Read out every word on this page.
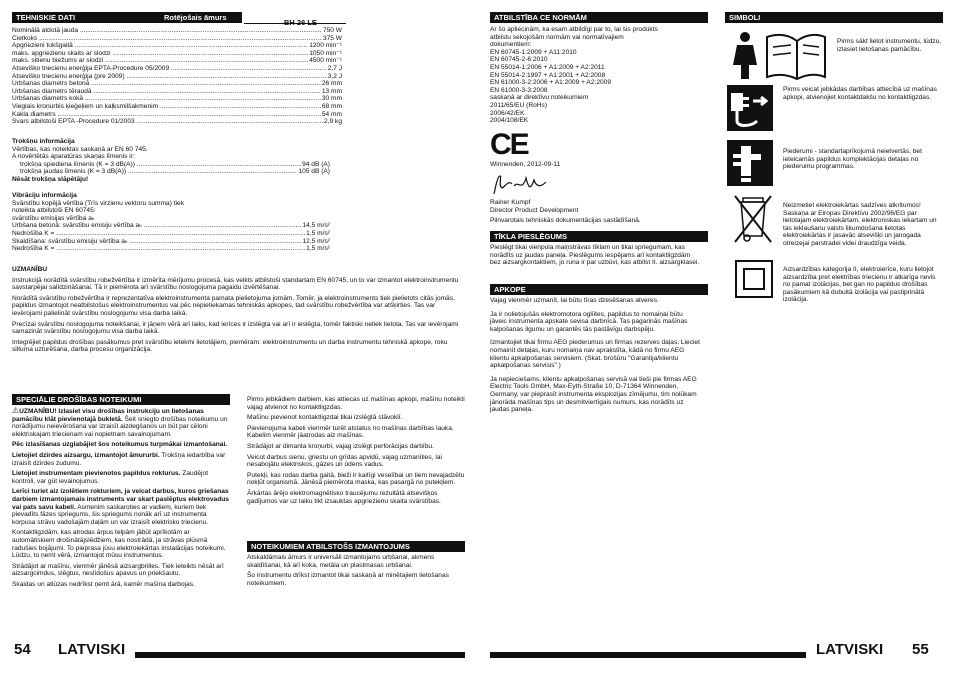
TEHNISKIE DATI	Rotējošais āmurs
BH 26 LE
Nominālā atdotā jauda .....	750 W
Cietkoks .....	375 W
Apgriezieni tukšgaitā .....	1200 min⁻¹
maks. apgriezienu skaits ar slodzi .....	1050 min⁻¹
maks. sitienu biežums ar slodzi .....	4500 min⁻¹
Atsevišķo triecienu enerģija EPTA-Procedure 05/2009 .....	2,7 J
Atsevišķo triecienu enerģija (pre 2009) .....	3,2 J
Urbšanas diametrs betonā .....	26 mm
Urbšanas diametrs tēraudā .....	13 mm
Urbšanas diametrs kokā .....	30 mm
Vieglais kroņurbis ķieģeļiem un kaļķsmilšakmenim .....	68 mm
Kakla diametrs .....	54 mm
Svars atbilstoši EPTA -Procedure 01/2003 .....	2,9 kg
Trokšņu informācija
Vērtības, kas noteiktas saskaņā ar EN 60 745.
A novērtētās aparatūras skaņas līmenis ir:
trokšņa spiediena līmenis (K = 3 dB(A)) .....	94 dB (A)
trokšņa jaudas līmenis (K = 3 dB(A)) .....	105 dB (A)
Nēsāt trokšņa slāpētāju!
Vibrāciju informācija
Svārstību kopējā vērtība (Trīs virzienu vektoru summa) tiek
noteikta atbilstoši EN 60745:
svārstību emisijas vērtība aₕ
Urbšana betonā: svārstību emisiju vērtība aₕ .....	14,5 m/s²
Nedrošība K = .....	1,5 m/s²
Skaldīšana: svārstību emisiju vērtība aₕ .....	12,5 m/s²
Nedrošība K = .....	1,5 m/s²
UZMANĪBU

Instrukcijā norādītā svārstību robežvērtība ir izmērīta mērījumu procesā, kas veikts atbilstoši standartam EN 60745, un to var izmantot elektroinstrumentu savstarpējai salīdzināšanai. Tā ir piemērota arī svārstību noslogojuma pagaidu izvērtēšanai.

Norādītā svārstību robežvērtība ir reprezentatīva elektroinstrumenta pamata pielietojuma jomām. Tomēr, ja elektroinstruments tiek pielietots citās jomās, papildus izmantojot neatbilstošus elektroinstrumentus vai pēc nepietiekamas tehniskās apkopes, tad svārstību robežvērtība var atšķirties. Tas var ievērojami palielināt svārstību noslogojumu visa darba laikā.

Precīzai svārstību noslogojuma noteikšanai, ir jāņem vērā arī laiks, kad ierīces ir izslēgta vai arī ir ieslēgta, tomēr faktiski netiek lietota. Tas var ievērojami samazināt svārstību noslogojumu visa darba laikā.

Integrējiet papildus drošības pasākumus pret svārstību ietekmi lietotājiem, piemēram: elektroinstrumentu un darba instrumentu tehniskā apkope, roku siltuma uzturēšana, darba procesu organizācija.

SPECIĀLIE DROŠĪBAS NOTEIKUMI

⚠UZMANĪBU! Izlasiet visu drošības instrukciju un lietošanas pamācību klāt pievienotajā bukletā. Šeit sniegto drošības noteikumu un norādījumu neievērošana var izraisīt aizdegšanos un būt par cēloni elektriskajam triecienam vai nopietnam savainojumam.

Pēc izlasīšanas uzglabājiet šos noteikumus turpmākai izmantošanai.

Lietojiet dzirdes aizsargu, izmantojot āmururbi. Trokšņa iedarbība var izraisīt dzirdes zudumu.

Lietojiet instrumentam pievienotos papildus rokturus. Zaudējot kontroli, var gūt ievainojumus.

Lerīci turiet aiz izolētiem rokturiem, ja veicat darbus, kuros griešanas darbiem izmantojamais instruments var skart paslēptus elektrovadus vai pats savu kabeli. Asmenim saskaroties ar vadiem, kuriem tiek pievadīts fāzes spriegums, šis spriegums nonāk arī uz instrumenta korpusa strāvu vadošajām daļām un var izraisīt elektrisko triecienu.

Kontaktligzdām, kas atrodas ārpus telpām jābūt aprīkotām ar automātiskiem drošinātājslēdžiem, kas nostrādā, ja strāvas plūsmā radušies bojājumi. To pieprasa jūsu elektroiekārtas instalācijas noteikumi. Lūdzu, to ņemt vērā, izmantojot mūsu instrumentus.

Strādājot ar mašīnu, vienmēr jānēsā aizsargbrilles. Tiek ieteikts nēsāt arī aizsargcimdus, slēgtus, neslīdošus apavus un priekšautu.

Skaidas un atlūzas nedrīkst ņemt ārā, kamēr mašīna darbojas.

Pirms jebkādiem darbiem, kas attiecas uz mašīnas apkopi, mašīnu noteikti vajag atvienot no kontaktligzdas.

Mašīnu pievienot kontaktligzdai tikai izslēgtā stāvoklī.

Pievienojuma kabeli vienmēr turēt atstatus no mašīnas darbības lauka. Kabelim vienmēr jāatrodas aiz mašīnas.

Strādājot ar dimanta kroņurbi, vajag izslēgt perforācijas darbību.

Veicot darbus sienu, griestu un grīdas apvidū, vajag uzmanīties, lai nesabojātu elektriskos, gāzes un ūdens vadus.

Putekļi, kas rodas darba gaitā, bieži ir kaitīgi veselībai un tiem nevajadzētu nokļūt organismā. Jānēsā piemērota maska, kas pasargā no putekļiem.

Ārkārtas ārējo elektromagnētisko traucējumu rezultātā atsevišķos gadījumos var uz laiku tikt izsauktas apgriezienu skaita svārstības.

NOTEIKUMIEM ATBILSTOŠS IZMANTOJUMS

Atskaldāmais āmurs ir universāli izmantojams urbšanai, akmens skaldīšanai, kā arī koka, metāla un plastmasas urbšanai.

Šo instrumentu drīkst izmantot tikai saskaņā ar minētajiem lietošanas noteikumiem.

54 LATVISKI
ATBILSTĪBA CE NORMĀM
Ar šo apliecinām, ka esam atbildīgi par to, lai šis produkts
atbilstu sekojošām normām vai normatīvajiem
dokumentiem:
EN 60745-1:2009 + A11:2010
EN 60745-2-6:2010
EN 55014-1:2006 + A1:2009 + A2:2011
EN 55014-2:1997 + A1:2001 + A2:2008
EN 61000-3-2:2006 + A1:2009 + A2:2009
EN 61000-3-3:2008
saskaņā ar direktīvu noteikumiem
2011/65/EU (RoHs)
2006/42/EK
2004/108/EK
CE
Winnenden, 2012-09-11
Rainer Kumpf
Director Product Development
Pilnvarotais tehniskās dokumentācijas sastādīšanā.
TĪKLA PIESLĒGUMS
Pieslēgt tikai vienpola maiņstrāvas tīklam un tikai spriegumam, kas norādīts uz jaudas paneļa. Pieslēgums iespējams arī kontaktligzdām bez aizsargkontaktiem, jo runa ir par uzbūvi, kas atbilst II. aizsargklasei.
APKOPE

Vajag vienmēr uzmanīt, lai būtu tīras dzesēšanas atveres.

Ja ir nolietojušās elektromotora ogliītes, papildus to nomaiņai būtu jāveic instrumenta apskate sevisa darbnīcā. Tas pagarinās mašīnas kalpošanas ilgumu un garantēs tās pastāvīgu darbspēju.

Izmantojiet tikai firmu AEG piederumus un firmas rezerves daļas. Lieciet nomainīt detaļas, kuru nomaiņa nav aprakstīta, kādā no firmu AEG klientu apkalpošanas servisiem. (Skat. brošūru "Garantija/klientu apkalpošanas servisis".)

Ja nepieciešams, klientu apkalpošanas servisā vai tieši pie firmas AEG Electric Tools GmbH, Max-Eyth-Straße 10, D-71364 Winnenden, Germany, var pieprasīt instrumenta eksplozijas zīmējumu, tim nolūkam jānorāda mašīnas tips un desmitviertīgais numurs, kas norādīts uz jaudas paneļa.

SIMBOLI
Pirms sākt lietot instrumentu, lūdzu, izlasiet lietošanas pamācību.
Pirms veicat jebkādas darbības attiecībā uz mašīnas apkopi, atvienojiet kontaktdakšu no kontaktligzdas.
Piederumi - standartaprīkojumā neietvertās, bet ieteicamās papildus komplektācijas detaļas no piederumu programmas.
Neizmetiet elektroiekārtas sadzīves atkritumos! Saskaņa ar Eiropas Direktīvu 2002/96/EG par lietotajam elektroiekārtam, elektroniskas iekartam un tas ieklaušanu valsts likumdošana lietotas elektroiekārtas ir jasavāc atsevišķi un janogada otreizejai parstradei videi draudzīga veida.
Aizsardzības kategorija II, elektroierīce, kuru lietojot aizsardzība pret elektrības triecienu ir atkarīga nevis no pamat izolācijas, bet gan no papildus drošības pasākumiem kā dubultā izolācija vai pastiprinātā izolācija.
LATVISKI 55
